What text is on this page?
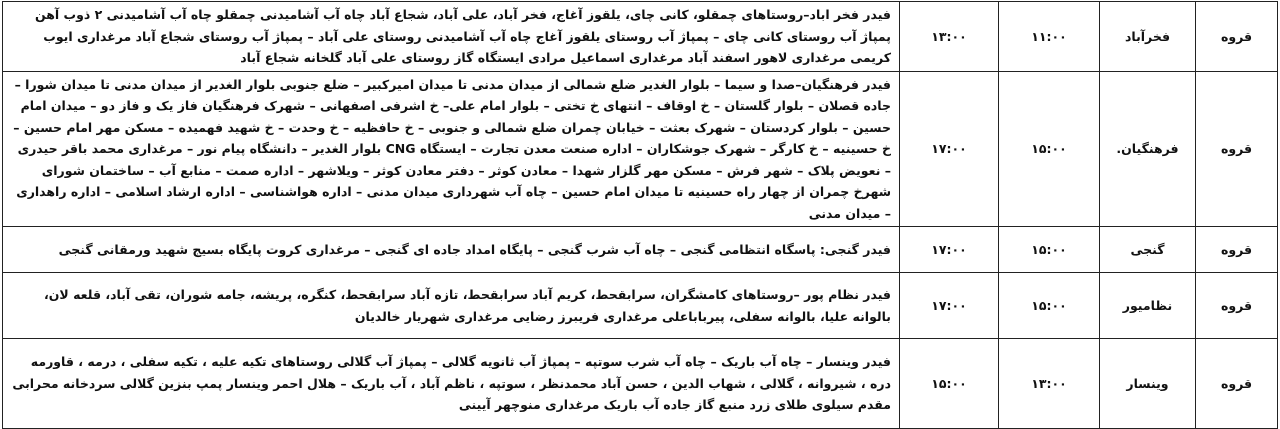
قروه	فخرآباد	۱۱:۰۰	۱۳:۰۰	فیدر فخر اباد–روستاهای چمقلو، کانی چای، یلقوز آغاج، فخر آباد، علی آباد، شجاع آباد چاه آب آشامیدنی چمقلو چاه آب آشامیدنی ۲ ذوب آهن پمپاژ آب روستای کانی چای – پمپاژ آب روستای یلقوز آغاج چاه آب آشامیدنی روستای علی آباد – پمپاژ آب روستای شجاع آباد مرغداری ایوب کریمی مرغداری لاهور اسفند آباد مرغداری اسماعیل مرادی ایستگاه گاز روستای علی آباد گلخانه شجاع آباد
قروه	فرهنگیان.	۱۵:۰۰	۱۷:۰۰	فیدر فرهنگیان–صدا و سیما – بلوار الغدیر ضلع شمالی از میدان مدنی تا میدان امیرکبیر – ضلع جنوبی بلوار الغدیر از میدان مدنی تا میدان شورا – جاده قصلان – بلوار گلستان – خ اوقاف – انتهای خ تختی – بلوار امام علی– خ اشرفی اصفهانی – شهرک فرهنگیان فاز یک و فاز دو – میدان امام حسین – بلوار کردستان – شهرک بعثت – خیابان چمران ضلع شمالی و جنوبی – خ حافظیه – خ وحدت – خ شهید فهمیده – مسکن مهر امام حسین – خ حسینیه – خ کارگر – شهرک جوشکاران – اداره صنعت معدن تجارت – ایستگاه CNG بلوار الغدیر – دانشگاه پیام نور – مرغداری محمد باقر حیدری – نعویض پلاک – شهر فرش – مسکن مهر گلزار شهدا – معادن کوثر – دفتر معادن کوثر – ویلاشهر – اداره صمت – منابع آب – ساختمان شورای شهرخ چمران از چهار راه حسینیه تا میدان امام حسین – چاه آب شهرداری میدان مدنی – اداره هواشناسی – اداره ارشاد اسلامی – اداره راهداری – میدان مدنی
قروه	گنجی	۱۵:۰۰	۱۷:۰۰	فیدر گنجی: پاسگاه انتظامی گنجی – چاه آب شرب گنجی – پایگاه امداد جاده ای گنجی – مرغداری کروت پایگاه بسیج شهید ورمقانی گنجی
قروه	نظامیور	۱۵:۰۰	۱۷:۰۰	فیدر نظام پور –روستاهای کامشگران، سرابقحط، کریم آباد سرابقحط، تازه آباد سرابقحط، کنگره، پریشه، جامه شوران، تقی آباد، قلعه لان، بالوانه علیا، بالوانه سفلی، پیرباباعلی مرغداری فریبرز رضایی مرغداری شهریار خالدیان
قروه	وینسار	۱۳:۰۰	۱۵:۰۰	فیدر وینسار – چاه آب باریک – چاه آب شرب سوتپه – پمپاژ آب ثانویه گلالی – پمپاژ آب گلالی روستاهای تکیه علیه ، تکیه سفلی ، درمه ، قاورمه دره ، شیروانه ، گلالی ، شهاب الدین ، حسن آباد محمدنظر ، سوتپه ، ناظم آباد ، آب باریک – هلال احمر وینسار پمپ بنزین گلالی سردخانه محرابی مقدم سیلوی طلای زرد منبع گاز جاده آب باریک مرغداری منوچهر آیینی
